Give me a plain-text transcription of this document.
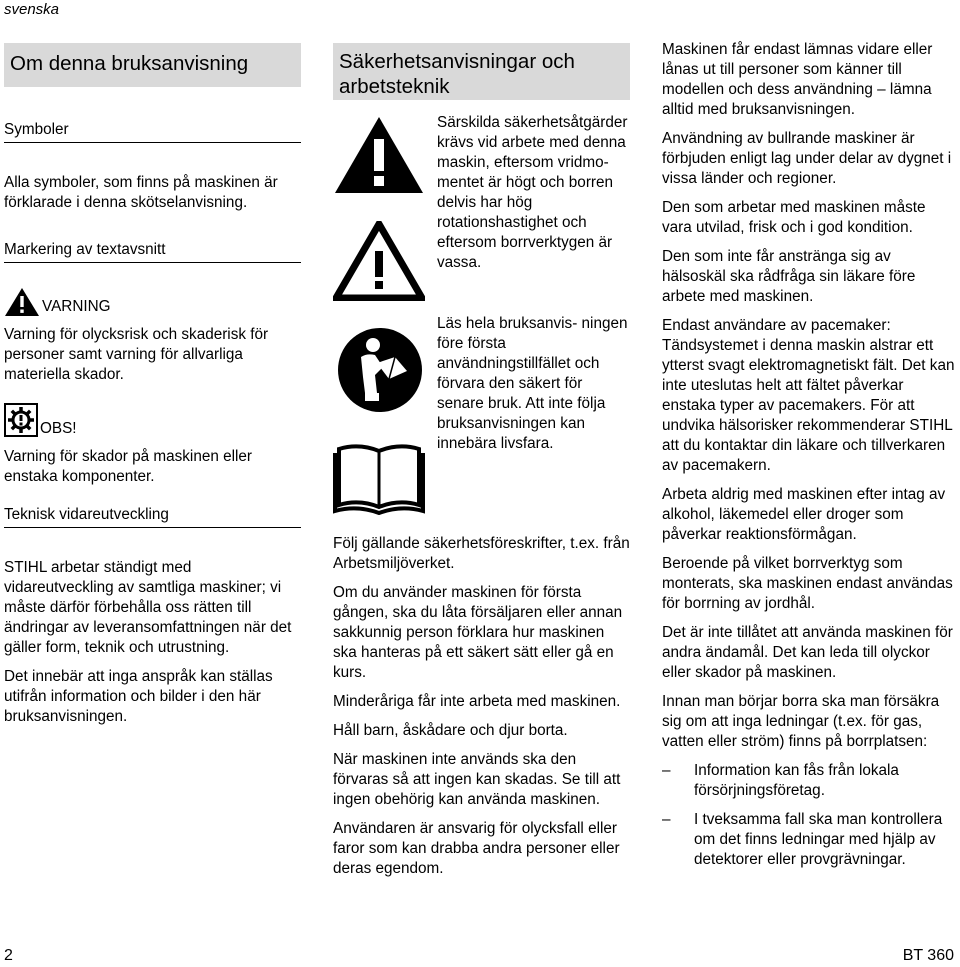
svenska
Om denna bruksanvisning
Symboler

Alla symboler, som finns på maskinen är förklarade i denna skötselanvisning.

Markering av textavsnitt
VARNING

Varning för olycksrisk och skaderisk för personer samt varning för allvarliga materiella skador.

OBS!

Varning för skador på maskinen eller enstaka komponenter.

Teknisk vidareutveckling

STIHL arbetar ständigt med vidareutveckling av samtliga maskiner; vi måste därför förbehålla oss rätten till ändringar av leveransomfattningen när det gäller form, teknik och utrustning.

Det innebär att inga anspråk kan ställas utifrån information och bilder i den här bruksanvisningen.

Säkerhetsanvisningar och arbetsteknik

Särskilda säkerhetsåtgärder krävs vid arbete med denna maskin, eftersom vridmo- mentet är högt och borren delvis har hög rotationshastighet och eftersom borrverktygen är vassa.

Läs hela bruksanvis- ningen före första användningstillfället och förvara den säkert för senare bruk. Att inte följa bruksanvisningen kan innebära livsfara.

Följ gällande säkerhetsföreskrifter, t.ex. från Arbetsmiljöverket.

Om du använder maskinen för första gången, ska du låta försäljaren eller annan sakkunnig person förklara hur maskinen ska hanteras på ett säkert sätt eller gå en kurs.

Minderåriga får inte arbeta med maskinen.

Håll barn, åskådare och djur borta.

När maskinen inte används ska den förvaras så att ingen kan skadas. Se till att ingen obehörig kan använda maskinen.

Användaren är ansvarig för olycksfall eller faror som kan drabba andra personer eller deras egendom.

Maskinen får endast lämnas vidare eller lånas ut till personer som känner till modellen och dess användning – lämna alltid med bruksanvisningen.

Användning av bullrande maskiner är förbjuden enligt lag under delar av dygnet i vissa länder och regioner.

Den som arbetar med maskinen måste vara utvilad, frisk och i god kondition.

Den som inte får anstränga sig av hälsoskäl ska rådfråga sin läkare före arbete med maskinen.

Endast användare av pacemaker: Tändsystemet i denna maskin alstrar ett ytterst svagt elektromagnetiskt fält. Det kan inte uteslutas helt att fältet påverkar enstaka typer av pacemakers. För att undvika hälsorisker rekommenderar STIHL att du kontaktar din läkare och tillverkaren av pacemakern.

Arbeta aldrig med maskinen efter intag av alkohol, läkemedel eller droger som påverkar reaktionsförmågan.

Beroende på vilket borrverktyg som monterats, ska maskinen endast användas för borrning av jordhål.

Det är inte tillåtet att använda maskinen för andra ändamål. Det kan leda till olyckor eller skador på maskinen.

Innan man börjar borra ska man försäkra sig om att inga ledningar (t.ex. för gas, vatten eller ström) finns på borrplatsen:

–	Information kan fås från lokala försörjningsföretag.
–	I tveksamma fall ska man kontrollera om det finns ledningar med hjälp av detektorer eller provgrävningar.
2	BT 360
